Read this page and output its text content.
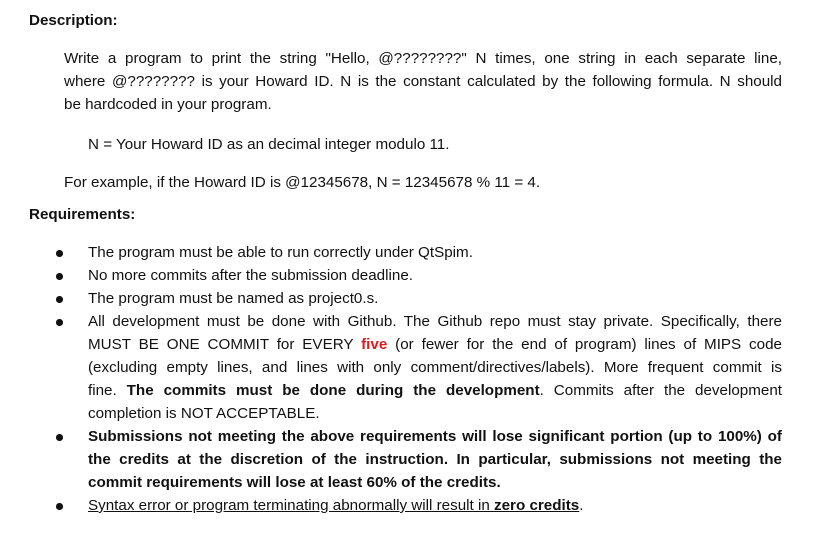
Description:
Write a program to print the string "Hello, @????????" N times, one string in each separate line,
where @???????? is your Howard ID. N is the constant calculated by the following formula. N should
be hardcoded in your program.
N = Your Howard ID as an decimal integer modulo 11.
For example, if the Howard ID is @12345678, N = 12345678 % 11 = 4.
Requirements:
The program must be able to run correctly under QtSpim.
No more commits after the submission deadline.
The program must be named as project0.s.
All development must be done with Github. The Github repo must stay private. Specifically, there
MUST BE ONE COMMIT for EVERY five (or fewer for the end of program) lines of MIPS code
(excluding empty lines, and lines with only comment/directives/labels). More frequent commit is
fine. The commits must be done during the development. Commits after the development
completion is NOT ACCEPTABLE.
Submissions not meeting the above requirements will lose significant portion (up to 100%) of
the credits at the discretion of the instruction. In particular, submissions not meeting the
commit requirements will lose at least 60% of the credits.
Syntax error or program terminating abnormally will result in zero credits.
